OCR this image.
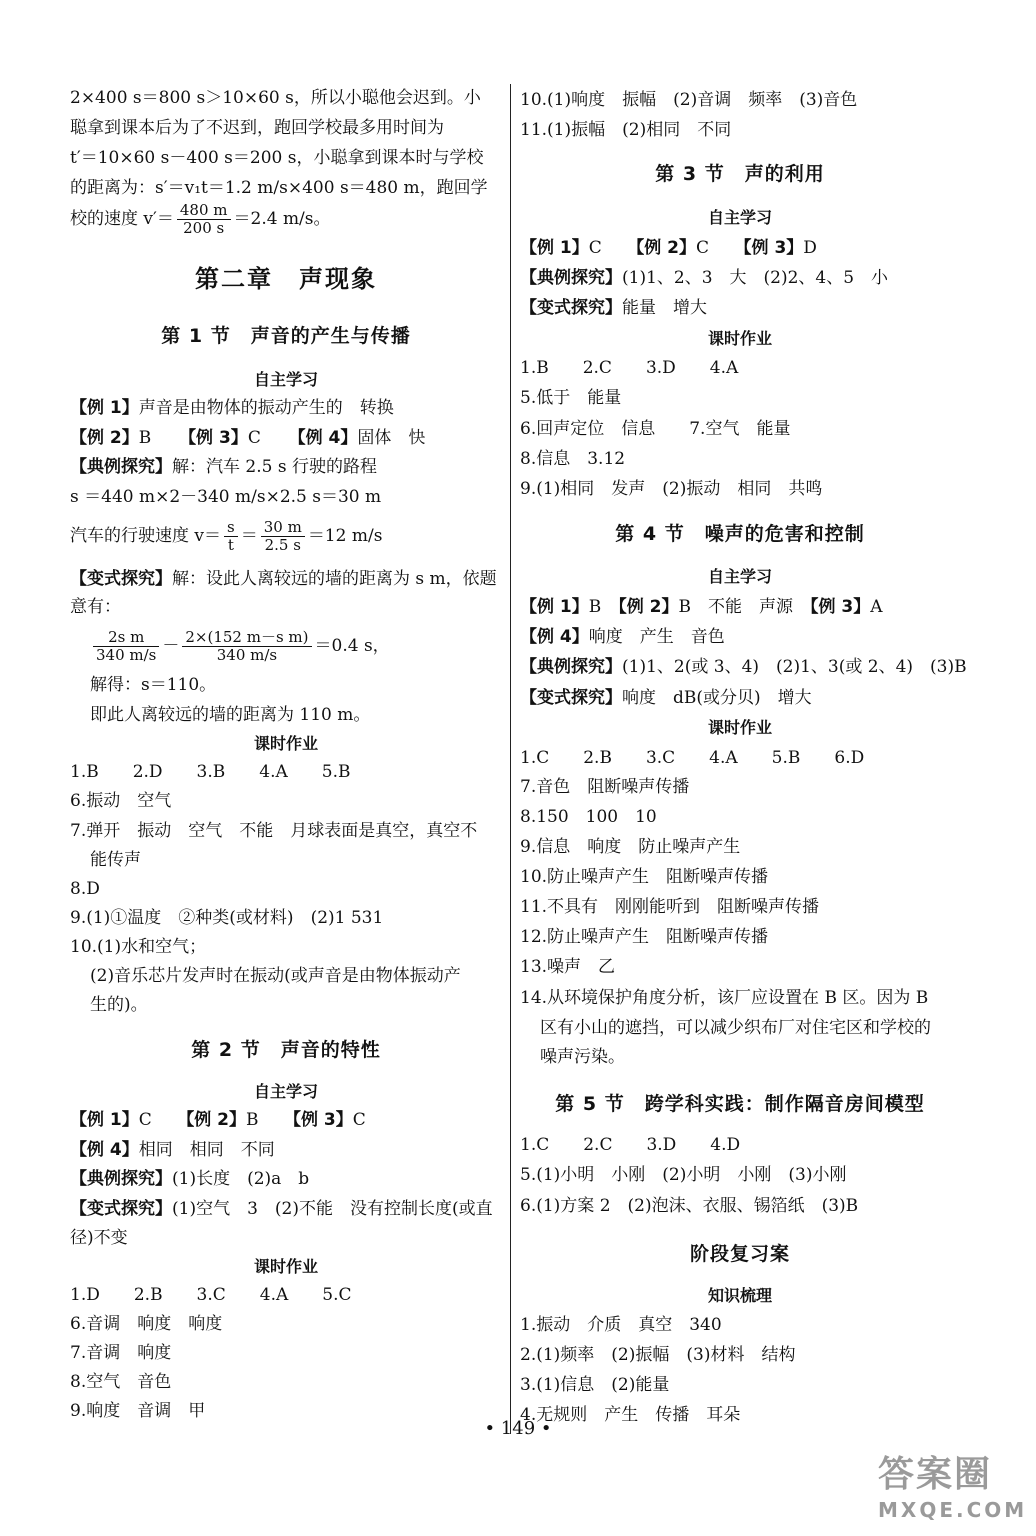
2×400 s＝800 s＞10×60 s，所以小聪他会迟到。小
聪拿到课本后为了不迟到，跑回学校最多用时间为
t′＝10×60 s－400 s＝200 s，小聪拿到课本时与学校
的距离为：s′＝v₁t＝1.2 m/s×400 s＝480 m，跑回学
校的速度 $v'= \frac{480 m}{200 s} =2.4$ m/s。
第二章　声现象
第 1 节　声音的产生与传播
自主学习
【例 1】声音是由物体的振动产生的　转换
【例 2】B　  【例 3】C　  【例 4】固体　快
【典例探究】解：汽车 2.5 s 行驶的路程
s ＝440 m×2－340 m/s×2.5 s＝30 m
汽车的行驶速度 $v= \frac{s}{t} = \frac{30 m}{2.5 s} =12$ m/s
【变式探究】解：设此人离较远的墙的距离为 s m，依题
意有：
$\frac{\text{2s m}}{340 m/s} - \frac{\text{2×(152 m－s m)}}{340 m/s} =0.4$ s，
解得：s＝110。
即此人离较远的墙的距离为 110 m。
课时作业
1.B　　2.D　　3.B　　4.A　　5.B
6.振动　空气
7.弹开　振动　空气　不能　月球表面是真空，真空不
能传声
8.D
9.(1)①温度　②种类(或材料)　(2)1 531
10.(1)水和空气；
(2)音乐芯片发声时在振动(或声音是由物体振动产
生的)。
第 2 节　声音的特性
自主学习
【例 1】C　　【例 2】B　　【例 3】C
【例 4】相同　相同　不同
【典例探究】(1)长度　(2)a　b
【变式探究】(1)空气　3　(2)不能　没有控制长度(或直
径)不变
课时作业
1.D　　2.B　　3.C　　4.A　　5.C
6.音调　响度　响度
7.音调　响度
8.空气　音色
9.响度　音调　甲
10.(1)响度　振幅　(2)音调　频率　(3)音色
11.(1)振幅　(2)相同　不同
第 3 节　声的利用
自主学习
【例 1】C　　【例 2】C　　【例 3】D
【典例探究】(1)1、2、3　大　(2)2、4、5　小
【变式探究】能量　增大
课时作业
1.B　　2.C　　3.D　　4.A
5.低于　能量
6.回声定位　信息　　7.空气　能量
8.信息　3.12
9.(1)相同　发声　(2)振动　相同　共鸣
第 4 节　噪声的危害和控制
自主学习
【例 1】B　【例 2】B　不能　声源　【例 3】A
【例 4】响度　产生　音色
【典例探究】(1)1、2(或 3、4)　(2)1、3(或 2、4)　(3)B
【变式探究】响度　dB(或分贝)　增大
课时作业
1.C　　2.B　　3.C　　4.A　　5.B　　6.D
7.音色　阻断噪声传播
8.150　100　10
9.信息　响度　防止噪声产生
10.防止噪声产生　阻断噪声传播
11.不具有　刚刚能听到　阻断噪声传播
12.防止噪声产生　阻断噪声传播
13.噪声　乙
14.从环境保护角度分析，该厂应设置在 B 区。因为 B
区有小山的遮挡，可以减少织布厂对住宅区和学校的
噪声污染。
第 5 节　跨学科实践：制作隔音房间模型
1.C　　2.C　　3.D　　4.D
5.(1)小明　小刚　(2)小明　小刚　(3)小刚
6.(1)方案 2　(2)泡沫、衣服、锡箔纸　(3)B
阶段复习案
知识梳理
1.振动　介质　真空　340
2.(1)频率　(2)振幅　(3)材料　结构
3.(1)信息　(2)能量
4.无规则　产生　传播　耳朵
• 149 •
答案圈
MXQE.COM
